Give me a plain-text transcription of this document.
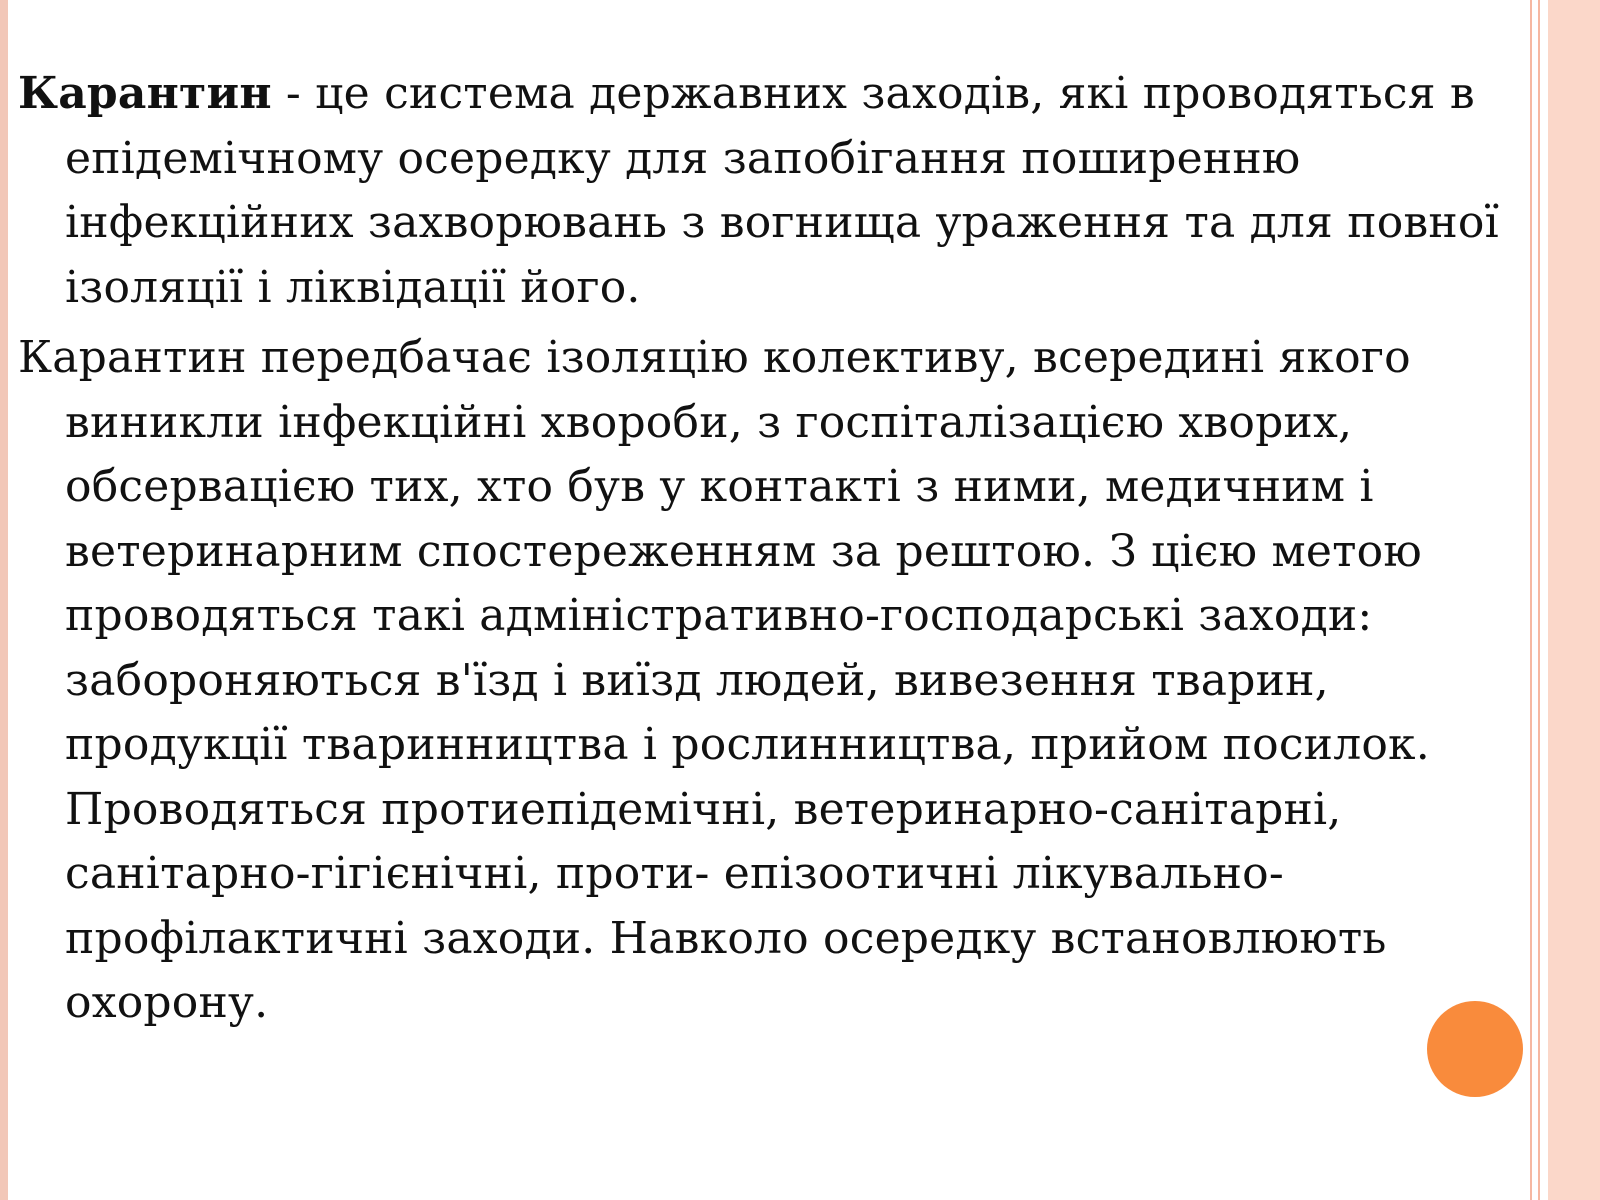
Карантин - це система державних заходів, які проводяться в епідемічному осередку для запобігання поширенню інфекційних захворювань з вогнища ураження та для повної ізоляції і ліквідації його.

Карантин передбачає ізоляцію колективу, всередині якого виникли інфекційні хвороби, з госпіталізацією хворих, обсервацією тих, хто був у контакті з ними, медичним і ветеринарним спостереженням за рештою. З цією метою проводяться такі адміністративно-господарські заходи: забороняються в'їзд і виїзд людей, вивезення тварин, продукції тваринництва і рослинництва, прийом посилок. Проводяться протиепідемічні, ветеринарно-санітарні, санітарно-гігієнічні, проти- епізоотичні лікувально-профілактичні заходи. Навколо осередку встановлюють охорону.
